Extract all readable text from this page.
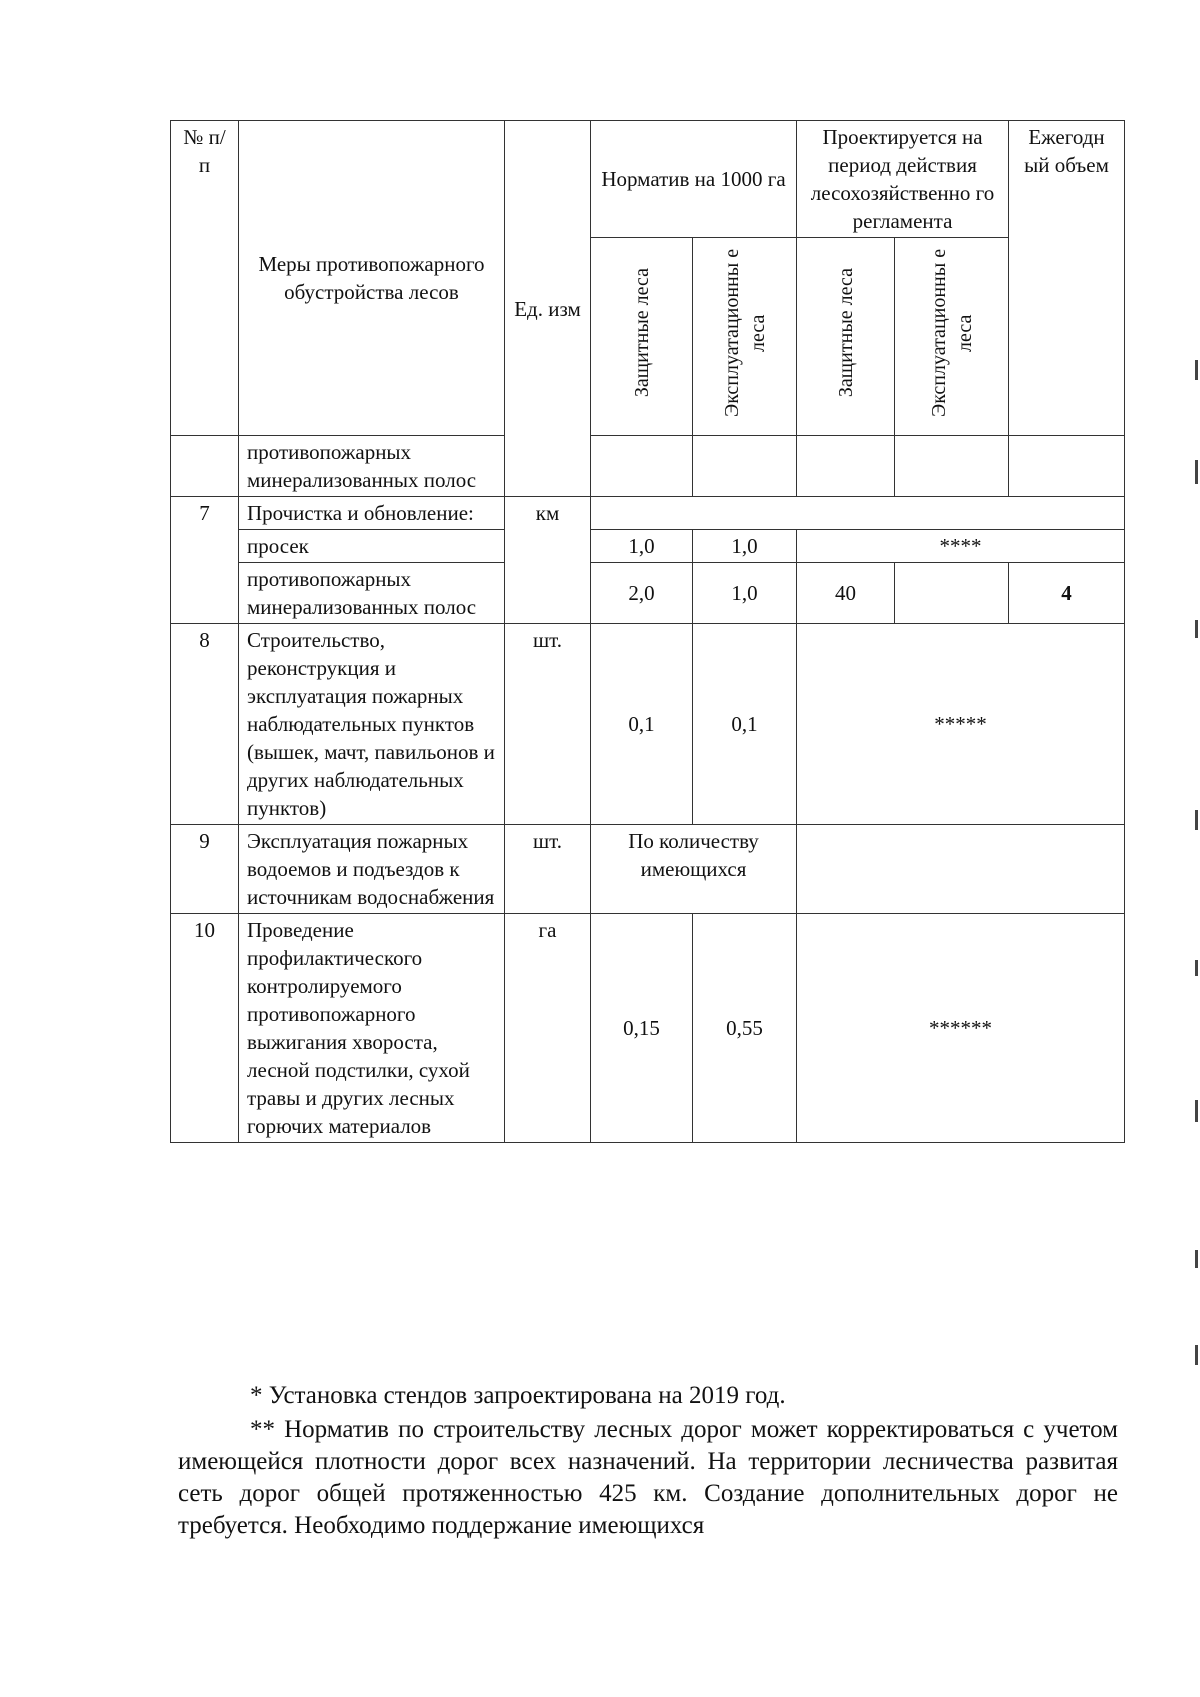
№ п/п	Меры противопожарного обустройства лесов	Ед. изм	Норматив на 1000 га		Проектируется на период действия лесохозяйственно го регламента		Ежегодн ый объем
			Защитные леса	Эксплуатационны е леса	Защитные леса	Эксплуатационны е леса	
	противопожарных минерализованных полос						
7	Прочистка и обновление:	км					
	просек		1,0	1,0	****		
	противопожарных минерализованных полос		2,0	1,0	40		4
8	Строительство, реконструкция и эксплуатация пожарных наблюдательных пунктов (вышек, мачт, павильонов и других наблюдательных пунктов)	шт.	0,1	0,1	*****		
9	Эксплуатация пожарных водоемов и подъездов к источникам водоснабжения	шт.	По количеству имеющихся				
10	Проведение профилактического контролируемого противопожарного выжигания хвороста, лесной подстилки, сухой травы и других лесных горючих материалов	га	0,15	0,55	******		
* Установка стендов запроектирована на 2019 год.
** Норматив по строительству лесных дорог может корректироваться с учетом имеющейся плотности дорог всех назначений. На территории лесничества развитая сеть дорог общей протяженностью 425 км. Создание дополнительных дорог не требуется. Необходимо поддержание имеющихся
